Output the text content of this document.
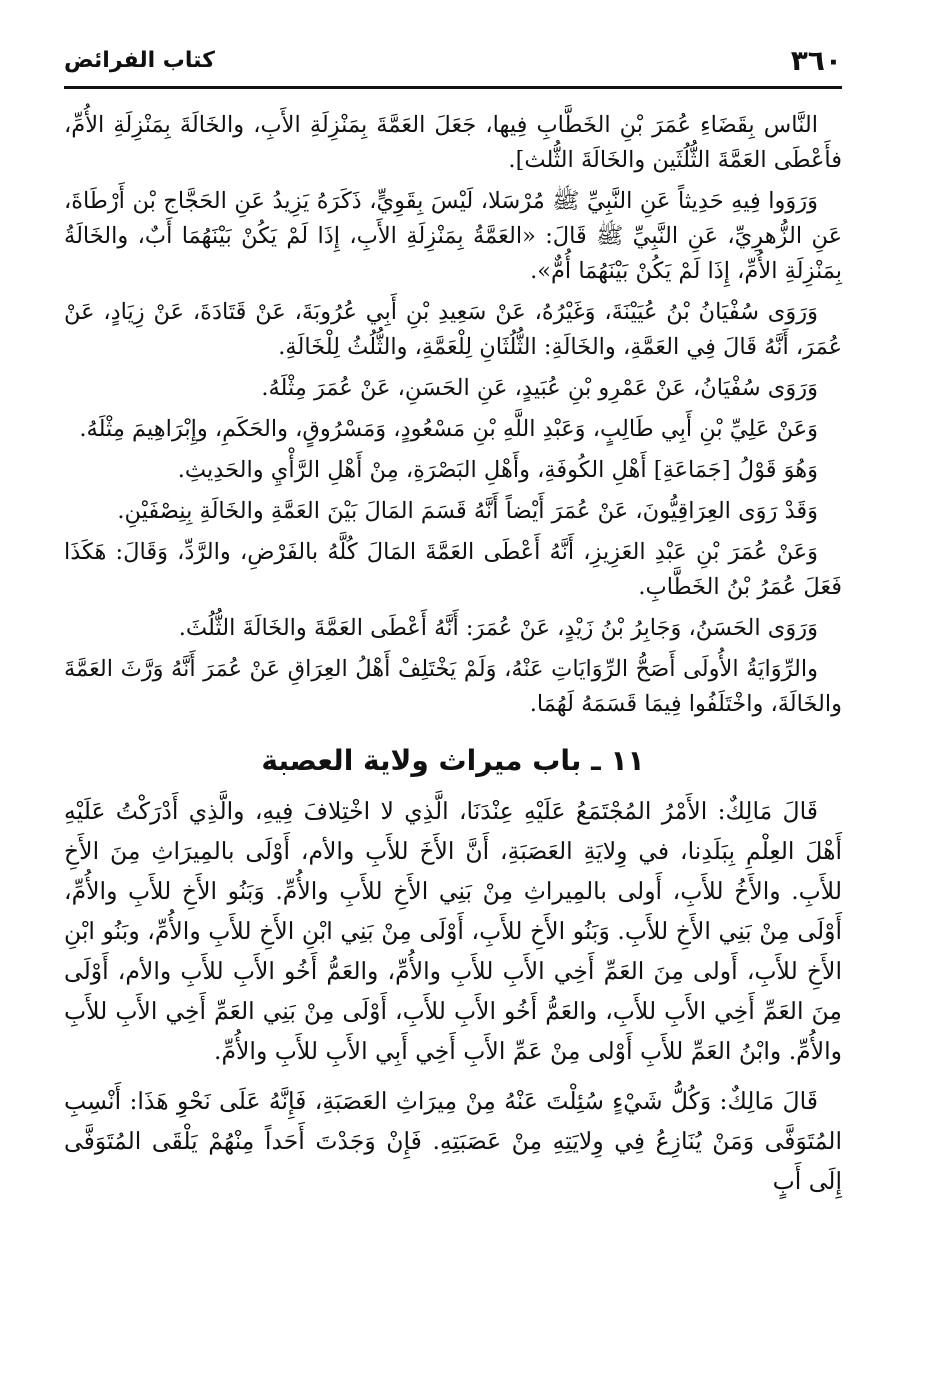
٣٦٠
كتاب الفرائض

النَّاس بِقَضَاءِ عُمَرَ بْنِ الخَطَّابِ فِيها، جَعَلَ العَمَّةَ بِمَنْزِلَةِ الأَبِ، والخَالَةَ بِمَنْزِلَةِ الأُمِّ، فأَعْطَى العَمَّةَ الثُّلُثَين والخَالَةَ الثُّلث].

وَرَوَوا فِيهِ حَدِيثاً عَنِ النَّبِيِّ ﷺ مُرْسَلا، لَيْسَ بِقَوِيٍّ، ذَكَرَهُ يَزِيدُ عَنِ الحَجَّاج بْن أَرْطَاةَ، عَنِ الزُّهرِيِّ، عَنِ النَّبِيِّ ﷺ قَالَ: «العَمَّةُ بِمَنْزِلَةِ الأَبِ، إِذَا لَمْ يَكُنْ بَيْنَهُمَا أَبٌ، والخَالَةُ بِمَنْزِلَةِ الأُمِّ، إِذَا لَمْ يَكُنْ بَيْنَهُمَا أُمٌّ».

وَرَوَى سُفْيَانُ بْنُ عُيَيْنَةَ، وَغَيْرُهُ، عَنْ سَعِيدِ بْنِ أَبِي عُرُوبَةَ، عَنْ قَتَادَةَ، عَنْ زِيَادٍ، عَنْ عُمَرَ، أَنَّهُ قَالَ فِي العَمَّةِ، والخَالَةِ: الثُّلُثَانِ لِلْعَمَّةِ، والثُّلُثُ لِلْخَالَةِ.

وَرَوَى سُفْيَانُ، عَنْ عَمْرِو بْنِ عُبَيدٍ، عَنِ الحَسَنِ، عَنْ عُمَرَ مِثْلَهُ.

وَعَنْ عَلِيِّ بْنِ أَبِي طَالِبٍ، وَعَبْدِ اللَّهِ بْنِ مَسْعُودٍ، وَمَسْرُوقٍ، والحَكَمِ، وإِبْرَاهِيمَ مِثْلَهُ.

وَهُوَ قَوْلُ [جَمَاعَةِ] أَهْلِ الكُوفَةِ، وأَهْلِ البَصْرَةِ، مِنْ أَهْلِ الرَّأْيِ والحَدِيثِ.

وَقَدْ رَوَى العِرَاقِيُّونَ، عَنْ عُمَرَ أَيْضاً أَنَّهُ قَسَمَ المَالَ بَيْنَ العَمَّةِ والخَالَةِ بِنِصْفَيْنِ.

وَعَنْ عُمَرَ بْنِ عَبْدِ العَزِيزِ، أَنَّهُ أَعْطَى العَمَّةَ المَالَ كُلَّهُ بالفَرْضِ، والرَّدِّ، وَقَالَ: هَكَذَا فَعَلَ عُمَرُ بْنُ الخَطَّابِ.

وَرَوَى الحَسَنُ، وَجَابِرُ بْنُ زَيْدٍ، عَنْ عُمَرَ: أَنَّهُ أَعْطَى العَمَّةَ والخَالَةَ الثُّلُثَ.

والرِّوَايَةُ الأُولَى أَصَحُّ الرِّوَايَاتِ عَنْهُ، وَلَمْ يَخْتَلِفْ أَهْلُ العِرَاقِ عَنْ عُمَرَ أَنَّهُ وَرَّثَ العَمَّةَ والخَالَةَ، واخْتَلَفُوا فِيمَا قَسَمَهُ لَهُمَا.

١١ ـ باب ميراث ولاية العصبة

قَالَ مَالِكٌ: الأَمْرُ المُجْتَمَعُ عَلَيْهِ عِنْدَنَا، الَّذِي لا اخْتِلافَ فِيهِ، والَّذِي أَدْرَكْتُ عَلَيْهِ أَهْلَ العِلْمِ بِبَلَدِنا، في وِلايَةِ العَصَبَةِ، أَنَّ الأَخَ للأَبِ والأم، أَوْلَى بالمِيرَاثِ مِنَ الأَخِ للأَبِ. والأَخُ للأَبِ، أَولى بالمِيراثِ مِنْ بَنِي الأَخِ للأَبِ والأُمِّ. وَبَنُو الأَخِ للأَبِ والأُمِّ، أَوْلَى مِنْ بَنِي الأَخِ للأَبِ. وَبَنُو الأَخِ للأَبِ، أَوْلَى مِنْ بَنِي ابْنِ الأَخِ للأَبِ والأُمِّ، وبَنُو ابْنِ الأَخِ للأَبِ، أَولى مِنَ العَمِّ أَخِي الأَبِ للأَبِ والأُمِّ، والعَمُّ أَخُو الأَبِ للأَبِ والأم، أَوْلَى مِنَ العَمِّ أَخِي الأَبِ للأَبِ، والعَمُّ أَخُو الأَبِ للأَبِ، أَوْلَى مِنْ بَنِي العَمِّ أَخِي الأَبِ للأَبِ والأُمِّ. وابْنُ العَمِّ للأَبِ أَوْلى مِنْ عَمِّ الأَبِ أَخِي أَبِي الأَبِ للأَبِ والأُمِّ.

قَالَ مَالِكٌ: وَكُلُّ شَيْءٍ سُئِلْتَ عَنْهُ مِنْ مِيرَاثِ العَصَبَةِ، فَإِنَّهُ عَلَى نَحْوِ هَذَا: أَنْسِبِ المُتَوَفَّى وَمَنْ يُنَازِعُ فِي وِلايَتِهِ مِنْ عَصَبَتِهِ. فَإِنْ وَجَدْتَ أَحَداً مِنْهُمْ يَلْقَى المُتَوَفَّى إِلَى أَبٍ
